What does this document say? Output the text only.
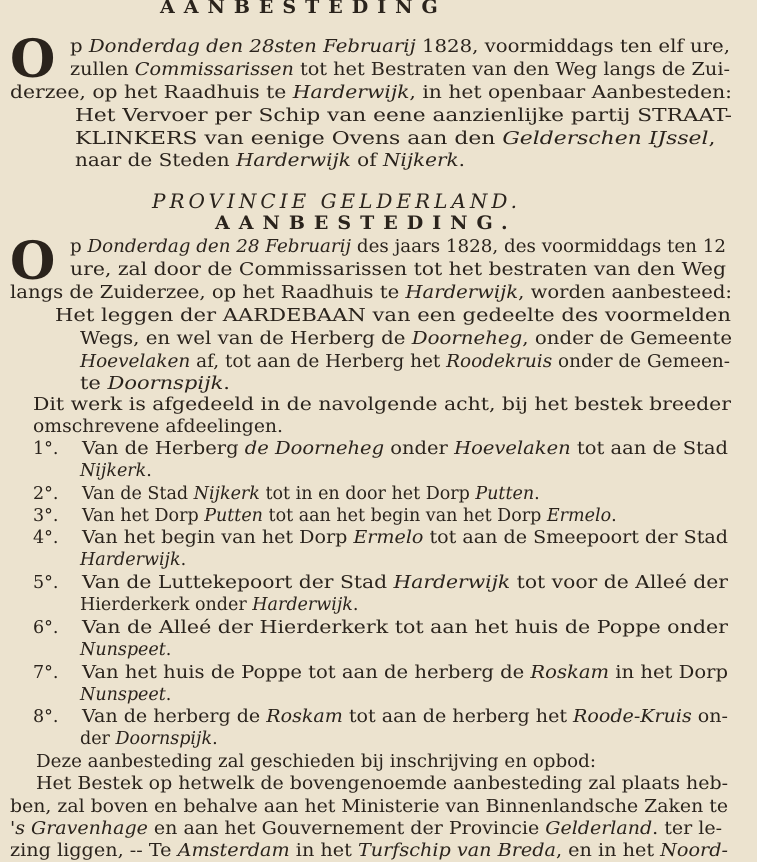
AANBESTEDING
O p Donderdag den 28sten Februarij 1828, voormiddags ten elf ure,
zullen Commissarissen tot het Bestraten van den Weg langs de Zui-
derzee, op het Raadhuis te Harderwijk, in het openbaar Aanbesteden:
Het Vervoer per Schip van eene aanzienlijke partij STRAAT-
KLINKERS van eenige Ovens aan den Gelderschen IJssel,
naar de Steden Harderwijk of Nijkerk.
PROVINCIE GELDERLAND.
AANBESTEDING.
O p Donderdag den 28 Februarij des jaars 1828, des voormiddags ten 12
ure, zal door de Commissarissen tot het bestraten van den Weg
langs de Zuiderzee, op het Raadhuis te Harderwijk, worden aanbesteed:
Het leggen der AARDEBAAN van een gedeelte des voormelden
Wegs, en wel van de Herberg de Doorneheg, onder de Gemeente
Hoevelaken af, tot aan de Herberg het Roodekruis onder de Gemeen-
te Doornspijk.
Dit werk is afgedeeld in de navolgende acht, bij het bestek breeder
omschrevene afdeelingen.
1°. Van de Herberg de Doorneheg onder Hoevelaken tot aan de Stad
Nijkerk.
2°. Van de Stad Nijkerk tot in en door het Dorp Putten.
3°. Van het Dorp Putten tot aan het begin van het Dorp Ermelo.
4°. Van het begin van het Dorp Ermelo tot aan de Smeepoort der Stad
Harderwijk.
5°. Van de Luttekepoort der Stad Harderwijk tot voor de Alleé der
Hierderkerk onder Harderwijk.
6°. Van de Alleé der Hierderkerk tot aan het huis de Poppe onder
Nunspeet.
7°. Van het huis de Poppe tot aan de herberg de Roskam in het Dorp
Nunspeet.
8°. Van de herberg de Roskam tot aan de herberg het Roode-Kruis on-
der Doornspijk.
Deze aanbesteding zal geschieden bij inschrijving en opbod:
Het Bestek op hetwelk de bovengenoemde aanbesteding zal plaats heb-
ben, zal boven en behalve aan het Ministerie van Binnenlandsche Zaken te
's Gravenhage en aan het Gouvernement der Provincie Gelderland. ter le-
zing liggen, -- Te Amsterdam in het Turfschip van Breda, en in het Noord-
